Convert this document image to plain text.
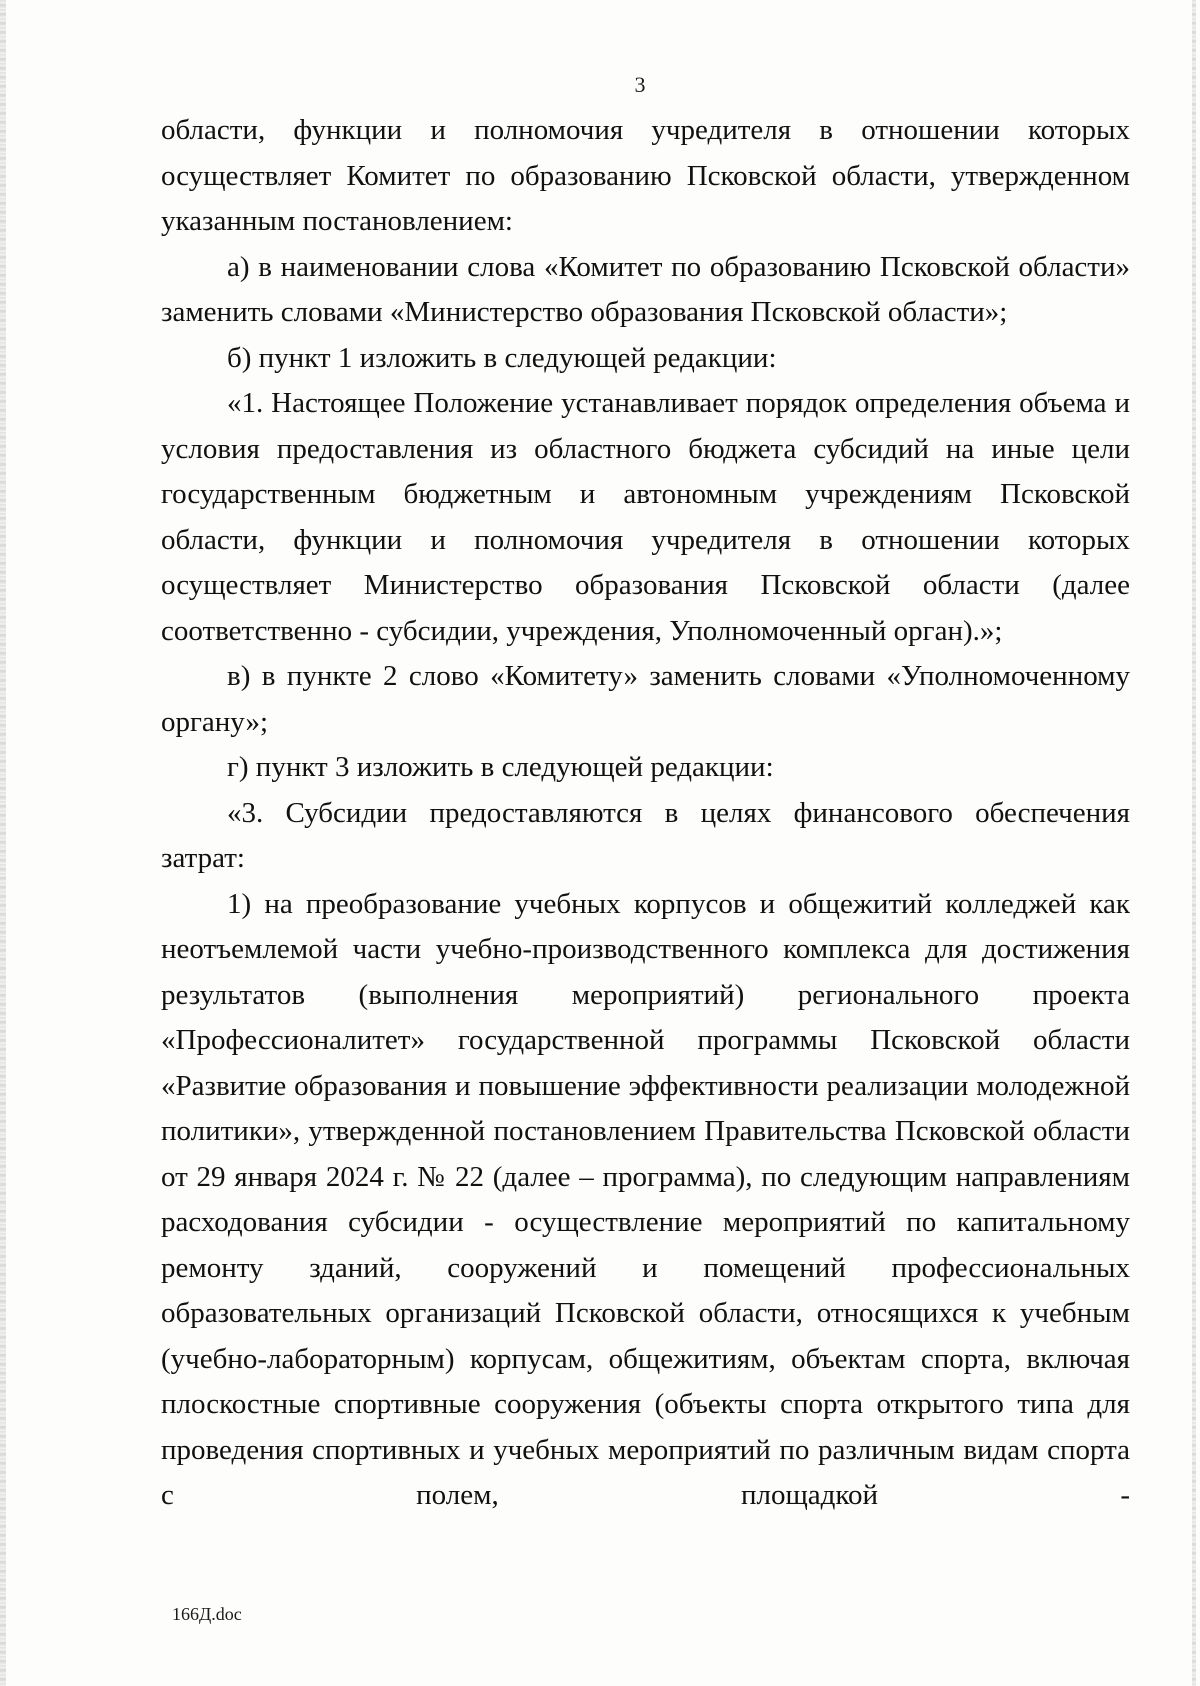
3

области, функции и полномочия учредителя в отношении которых осуществляет Комитет по образованию Псковской области, утвержденном указанным постановлением:

а) в наименовании слова «Комитет по образованию Псковской области» заменить словами «Министерство образования Псковской области»;

б) пункт 1 изложить в следующей редакции:

«1. Настоящее Положение устанавливает порядок определения объема и условия предоставления из областного бюджета субсидий на иные цели государственным бюджетным и автономным учреждениям Псковской области, функции и полномочия учредителя в отношении которых осуществляет Министерство образования Псковской области (далее соответственно - субсидии, учреждения, Уполномоченный орган).»;

в) в пункте 2 слово «Комитету» заменить словами «Уполномоченному органу»;

г) пункт 3 изложить в следующей редакции:

«3. Субсидии предоставляются в целях финансового обеспечения затрат:

1) на преобразование учебных корпусов и общежитий колледжей как неотъемлемой части учебно-производственного комплекса для достижения результатов (выполнения мероприятий) регионального проекта «Профессионалитет» государственной программы Псковской области «Развитие образования и повышение эффективности реализации молодежной политики», утвержденной постановлением Правительства Псковской области от 29 января 2024 г. № 22 (далее – программа), по следующим направлениям расходования субсидии - осуществление мероприятий по капитальному ремонту зданий, сооружений и помещений профессиональных образовательных организаций Псковской области, относящихся к учебным (учебно-лабораторным) корпусам, общежитиям, объектам спорта, включая плоскостные спортивные сооружения (объекты спорта открытого типа для проведения спортивных и учебных мероприятий по различным видам спорта с полем, площадкой -

166Д.doc
